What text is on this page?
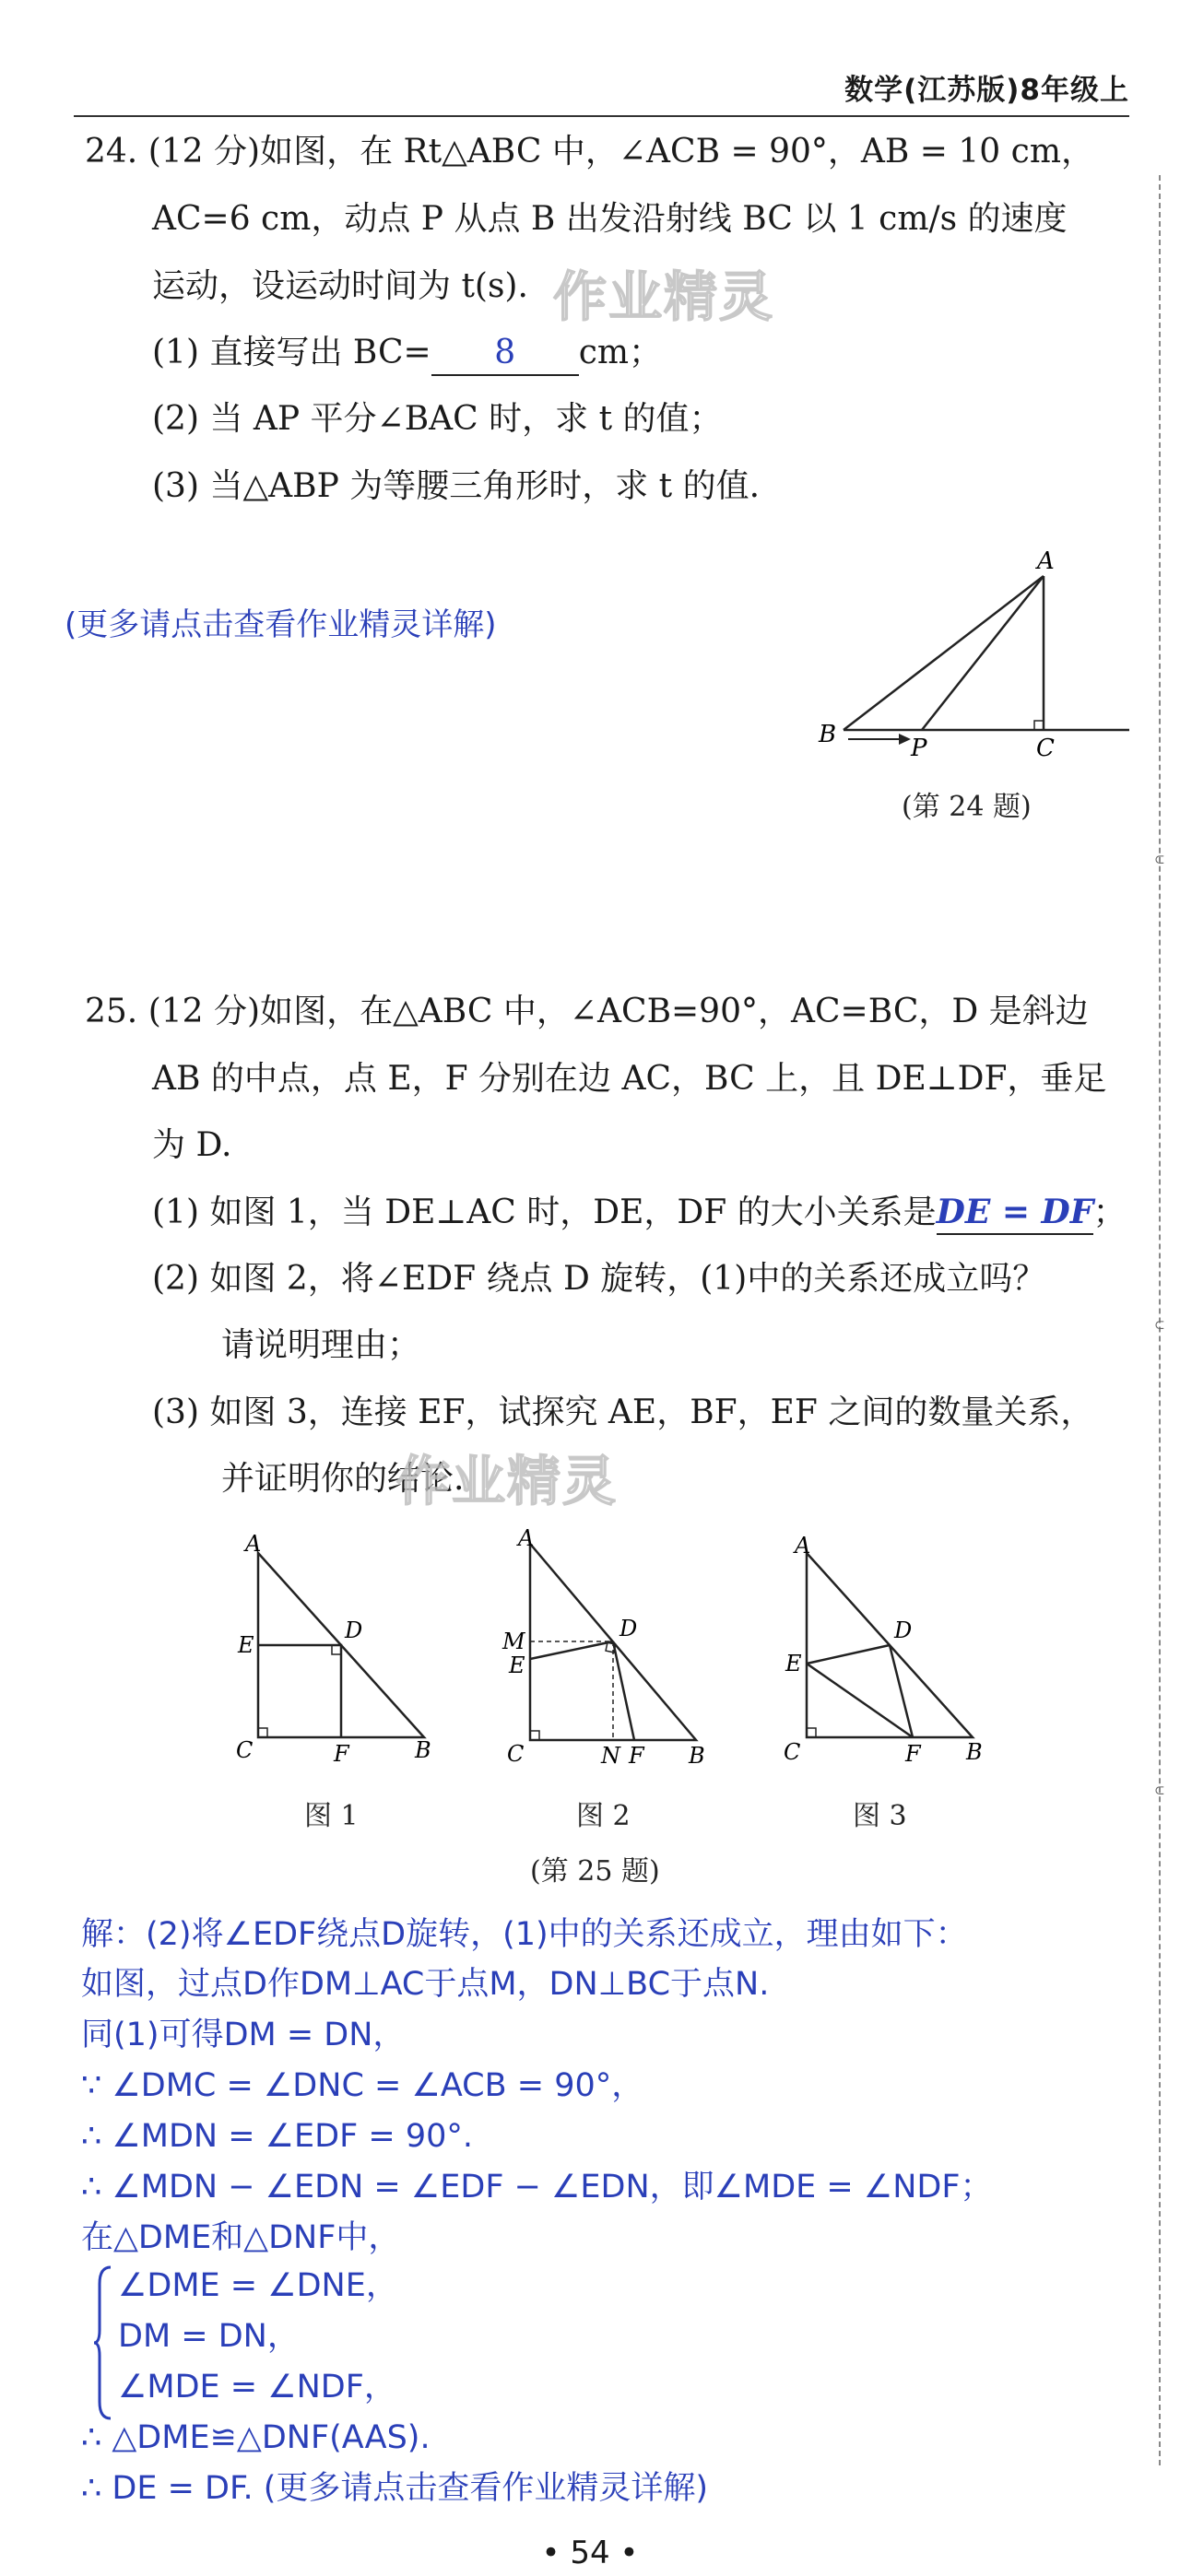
数学(江苏版)8年级上
⊂
⊂
⊂
24. (12 分)如图，在 Rt△ABC 中，∠ACB = 90°，AB = 10 cm，
AC=6 cm，动点 P 从点 B 出发沿射线 BC 以 1 cm/s 的速度
运动，设运动时间为 t(s).
(1) 直接写出 BC= 8 cm；
(2) 当 AP 平分∠BAC 时，求 t 的值；
(3) 当△ABP 为等腰三角形时，求 t 的值.
(更多请点击查看作业精灵详解)
作业精灵
A
B	P	C
(第 24 题)
25. (12 分)如图，在△ABC 中，∠ACB=90°，AC=BC，D 是斜边
AB 的中点，点 E，F 分别在边 AC，BC 上，且 DE⊥DF，垂足
为 D.
(1) 如图 1，当 DE⊥AC 时，DE，DF 的大小关系是DE = DF；
(2) 如图 2，将∠EDF 绕点 D 旋转，(1)中的关系还成立吗？
请说明理由；
(3) 如图 3，连接 EF，试探究 AE，BF，EF 之间的数量关系，
并证明你的结论.
作业精灵
A
E
D
C	F	B
图 1
A
M
E
D
C	N F B
图 2
A
E
D
C	F B
图 3
(第 25 题)
解：(2)将∠EDF绕点D旋转，(1)中的关系还成立，理由如下：
如图，过点D作DM⊥AC于点M，DN⊥BC于点N.
同(1)可得DM = DN，
∵ ∠DMC = ∠DNC = ∠ACB = 90°，
∴ ∠MDN = ∠EDF = 90°.
∴ ∠MDN − ∠EDN = ∠EDF − ∠EDN，即∠MDE = ∠NDF；
在△DME和△DNF中，
∠DME = ∠DNE，
DM = DN，
∠MDE = ∠NDF，
∴ △DME≌△DNF(AAS).
∴ DE = DF. (更多请点击查看作业精灵详解)
• 54 •
